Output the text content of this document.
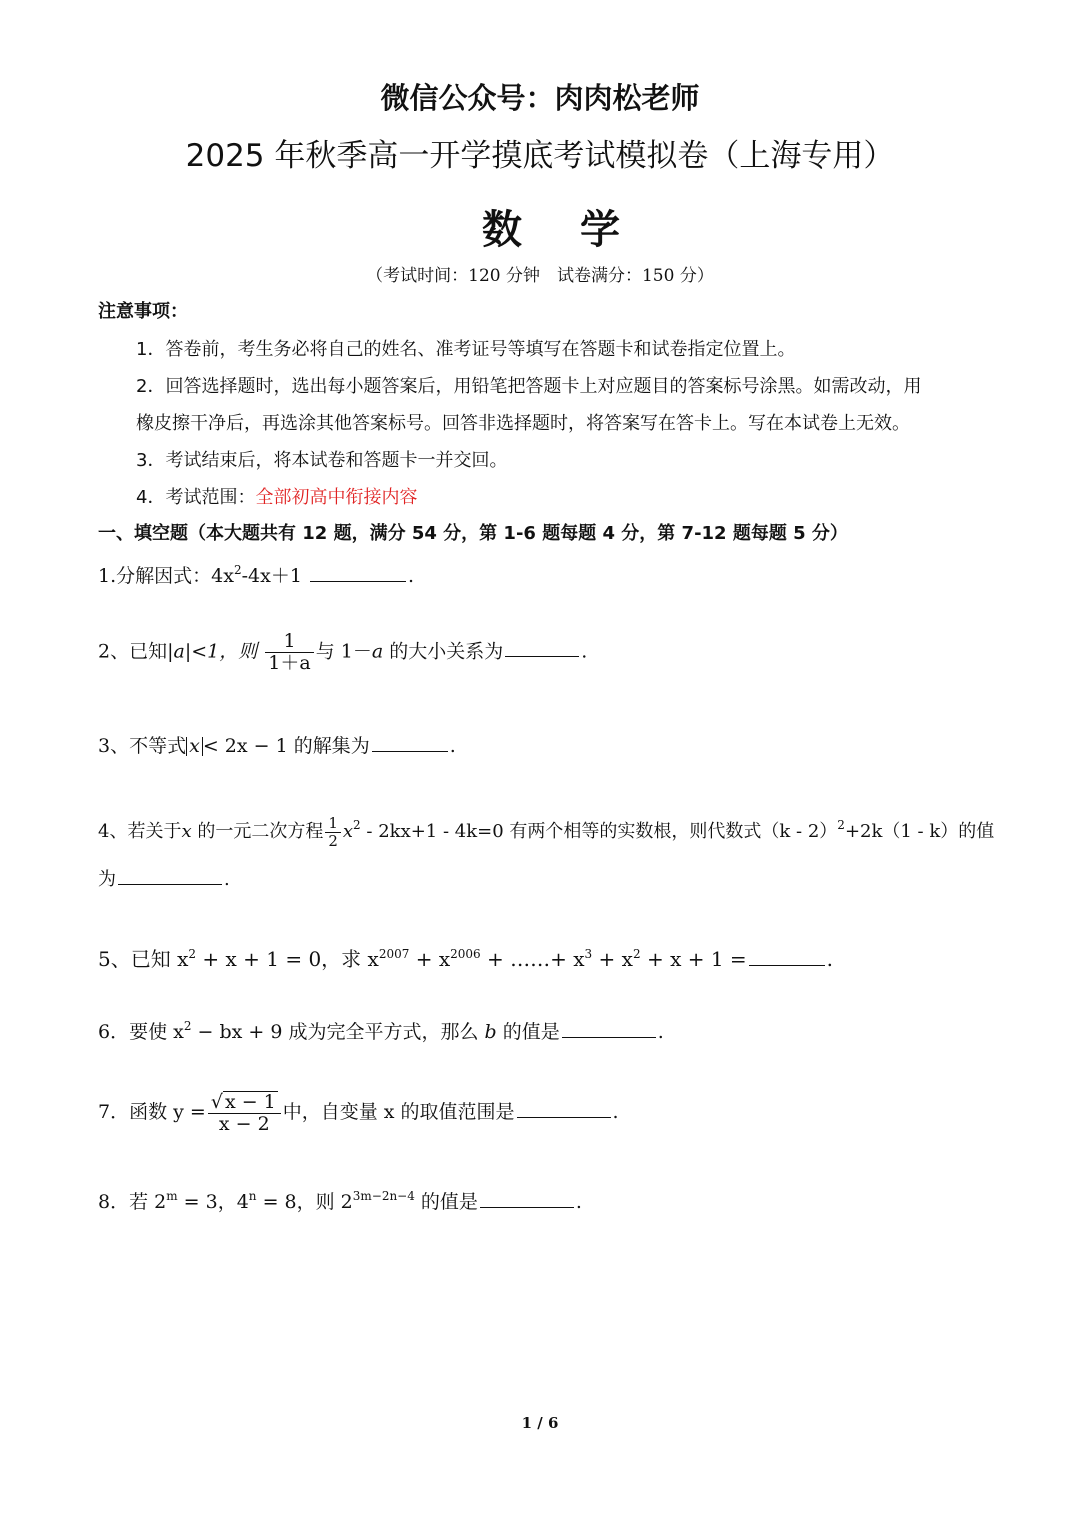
微信公众号：肉肉松老师
2025 年秋季高一开学摸底考试模拟卷（上海专用）
数 学
（考试时间：120 分钟　试卷满分：150 分）
注意事项：
1．答卷前，考生务必将自己的姓名、准考证号等填写在答题卡和试卷指定位置上。
2．回答选择题时，选出每小题答案后，用铅笔把答题卡上对应题目的答案标号涂黑。如需改动，用
橡皮擦干净后，再选涂其他答案标号。回答非选择题时，将答案写在答卡上。写在本试卷上无效。
3．考试结束后，将本试卷和答题卡一并交回。
4．考试范围：全部初高中衔接内容
一、填空题（本大题共有 12 题，满分 54 分，第 1-6 题每题 4 分，第 7-12 题每题 5 分）
1.分解因式：$4x^2-4x+1$	.
2、已知|a|<1，则 $\frac{1}{1+a}$ 与 1－a 的大小关系为	.
3、不等式 x < 2x − 1 的解集为	.
4、若关于x 的一元二次方程 $\frac{1}{2} x^2 - 2kx+1 - 4k=0$ 有两个相等的实数根，则代数式（k - 2）$^2$+2k（1 - k）的值
为	.
5、已知 $x^2 + x + 1 = 0$，求 $x^{2007} + x^{2006}$ + ……+ $x^3 + x^2 + x + 1$ =	.
6．要使 $x^2$ − bx + 9 成为完全平方式，那么 b 的值是	.
7．函数 $y = \frac{√ x - 1}{x - 2}$ 中，自变量 x 的取值范围是	.
8．若 $2^m = 3$，$4^n = 8$，则 $2^{3m-2n-4}$ 的值是	.
1 / 6
